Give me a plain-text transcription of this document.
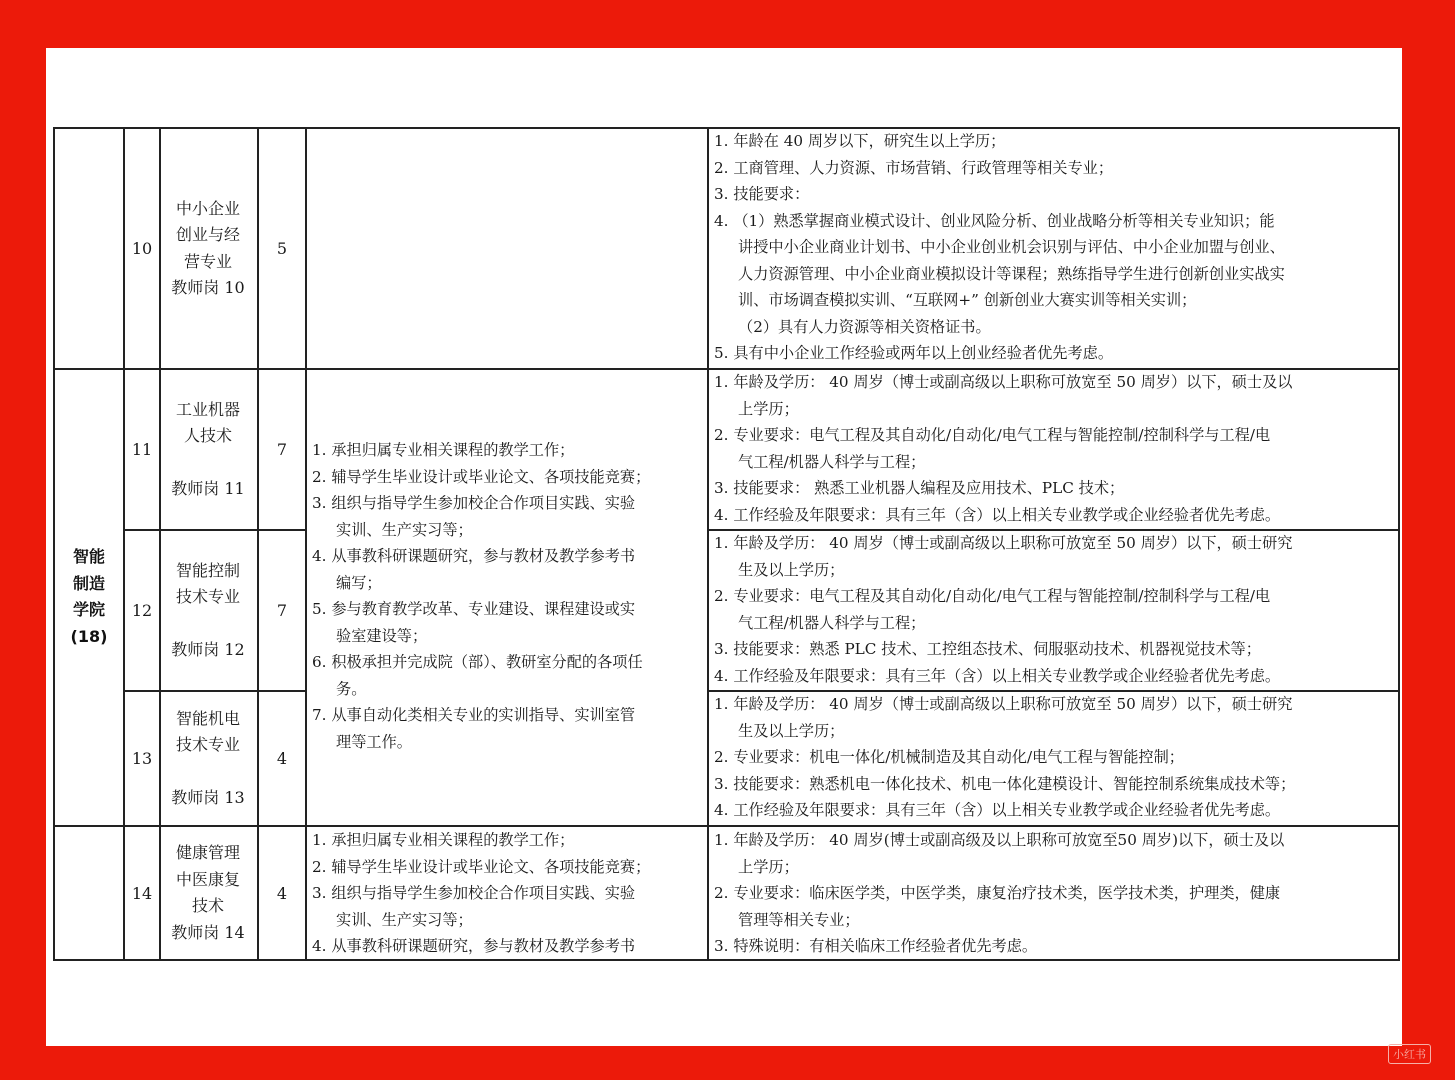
智能
制造
学院
(18)
10
中小企业
创业与经
营专业
教师岗 10
5
1. 年龄在 40 周岁以下，研究生以上学历；
2. 工商管理、人力资源、市场营销、行政管理等相关专业；
3. 技能要求：
4. （1）熟悉掌握商业模式设计、创业风险分析、创业战略分析等相关专业知识；能
讲授中小企业商业计划书、中小企业创业机会识别与评估、中小企业加盟与创业、
人力资源管理、中小企业商业模拟设计等课程；熟练指导学生进行创新创业实战实
训、市场调查模拟实训、“互联网+” 创新创业大赛实训等相关实训；
（2）具有人力资源等相关资格证书。
5. 具有中小企业工作经验或两年以上创业经验者优先考虑。
11
工业机器
人技术
教师岗 11
7
1. 年龄及学历： 40 周岁（博士或副高级以上职称可放宽至 50 周岁）以下，硕士及以
上学历；
2. 专业要求：电气工程及其自动化/自动化/电气工程与智能控制/控制科学与工程/电
气工程/机器人科学与工程；
3. 技能要求： 熟悉工业机器人编程及应用技术、PLC 技术；
4. 工作经验及年限要求：具有三年（含）以上相关专业教学或企业经验者优先考虑。
1. 承担归属专业相关课程的教学工作；
2. 辅导学生毕业设计或毕业论文、各项技能竞赛；
3. 组织与指导学生参加校企合作项目实践、实验
实训、生产实习等；
4. 从事教科研课题研究，参与教材及教学参考书
编写；
5. 参与教育教学改革、专业建设、课程建设或实
验室建设等；
6. 积极承担并完成院（部）、教研室分配的各项任
务。
7. 从事自动化类相关专业的实训指导、实训室管
理等工作。
12
智能控制
技术专业
教师岗 12
7
1. 年龄及学历： 40 周岁（博士或副高级以上职称可放宽至 50 周岁）以下，硕士研究
生及以上学历；
2. 专业要求：电气工程及其自动化/自动化/电气工程与智能控制/控制科学与工程/电
气工程/机器人科学与工程；
3. 技能要求：熟悉 PLC 技术、工控组态技术、伺服驱动技术、机器视觉技术等；
4. 工作经验及年限要求：具有三年（含）以上相关专业教学或企业经验者优先考虑。
13
智能机电
技术专业
教师岗 13
4
1. 年龄及学历： 40 周岁（博士或副高级以上职称可放宽至 50 周岁）以下，硕士研究
生及以上学历；
2. 专业要求：机电一体化/机械制造及其自动化/电气工程与智能控制；
3. 技能要求：熟悉机电一体化技术、机电一体化建模设计、智能控制系统集成技术等；
4. 工作经验及年限要求：具有三年（含）以上相关专业教学或企业经验者优先考虑。
14
健康管理
中医康复
技术
教师岗 14
4
1. 承担归属专业相关课程的教学工作；
2. 辅导学生毕业设计或毕业论文、各项技能竞赛；
3. 组织与指导学生参加校企合作项目实践、实验
实训、生产实习等；
4. 从事教科研课题研究，参与教材及教学参考书
1. 年龄及学历： 40 周岁(博士或副高级及以上职称可放宽至50 周岁)以下，硕士及以
上学历；
2. 专业要求：临床医学类，中医学类，康复治疗技术类，医学技术类，护理类，健康
管理等相关专业；
3. 特殊说明：有相关临床工作经验者优先考虑。
小红书
